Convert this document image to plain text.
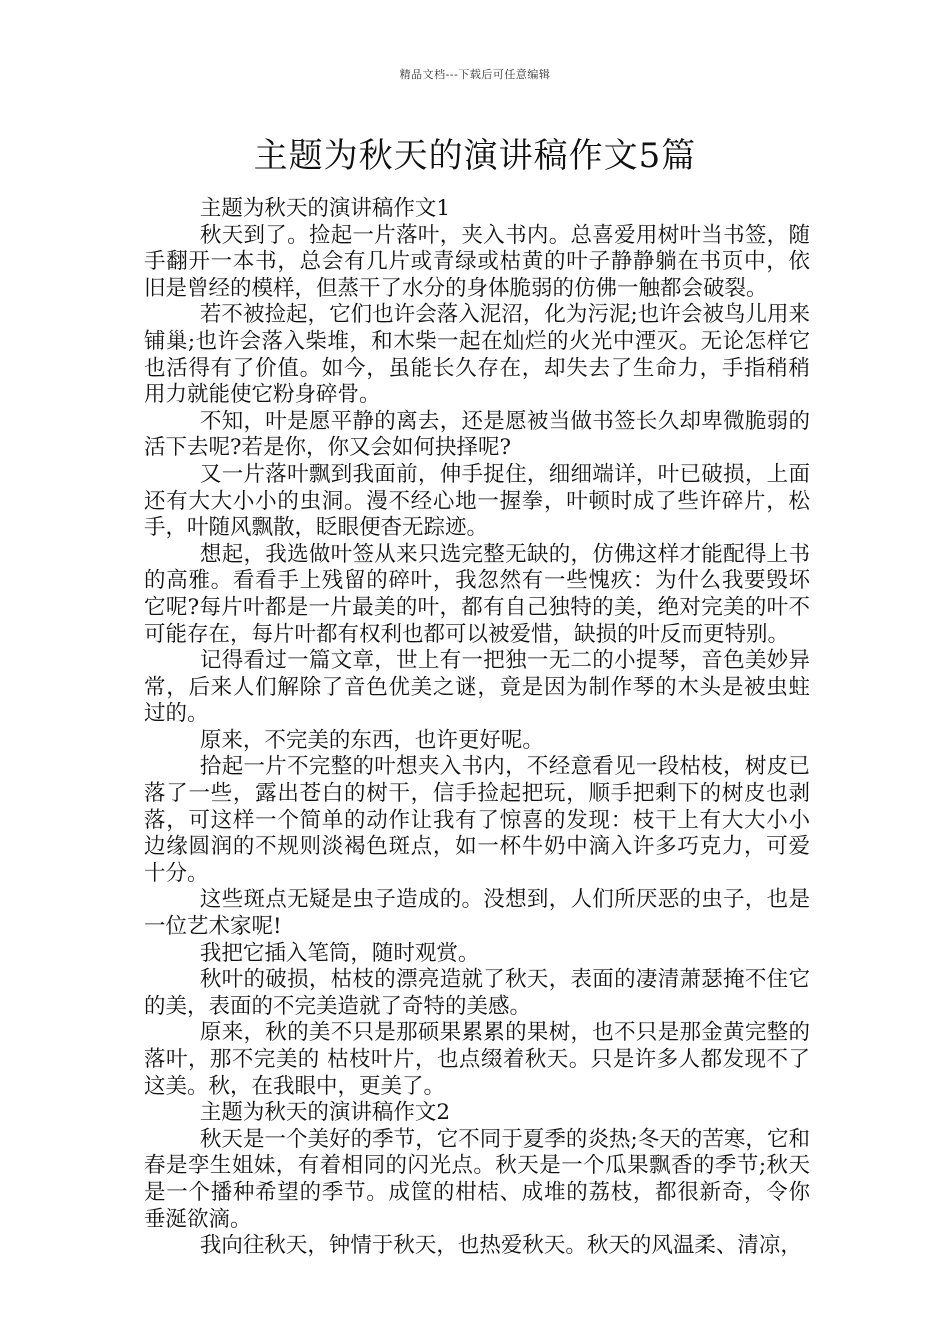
精品文档---下载后可任意编辑
主题为秋天的演讲稿作文5篇

主题为秋天的演讲稿作文1

秋天到了。捡起一片落叶，夹入书内。总喜爱用树叶当书签，随手翻开一本书，总会有几片或青绿或枯黄的叶子静静躺在书页中，依旧是曾经的模样，但蒸干了水分的身体脆弱的仿佛一触都会破裂。

若不被捡起，它们也许会落入泥沼，化为污泥;也许会被鸟儿用来铺巢;也许会落入柴堆，和木柴一起在灿烂的火光中湮灭。无论怎样它也活得有了价值。如今，虽能长久存在，却失去了生命力，手指稍稍用力就能使它粉身碎骨。

不知，叶是愿平静的离去，还是愿被当做书签长久却卑微脆弱的活下去呢?若是你，你又会如何抉择呢?

又一片落叶飘到我面前，伸手捉住，细细端详，叶已破损，上面还有大大小小的虫洞。漫不经心地一握拳，叶顿时成了些许碎片，松手，叶随风飘散，眨眼便杳无踪迹。

想起，我选做叶签从来只选完整无缺的，仿佛这样才能配得上书的高雅。看看手上残留的碎叶，我忽然有一些愧疚：为什么我要毁坏它呢?每片叶都是一片最美的叶，都有自己独特的美，绝对完美的叶不可能存在，每片叶都有权利也都可以被爱惜，缺损的叶反而更特别。

记得看过一篇文章，世上有一把独一无二的小提琴，音色美妙异常，后来人们解除了音色优美之谜，竟是因为制作琴的木头是被虫蛀过的。

原来，不完美的东西，也许更好呢。

拾起一片不完整的叶想夹入书内，不经意看见一段枯枝，树皮已落了一些，露出苍白的树干，信手捡起把玩，顺手把剩下的树皮也剥落，可这样一个简单的动作让我有了惊喜的发现：枝干上有大大小小边缘圆润的不规则淡褐色斑点，如一杯牛奶中滴入许多巧克力，可爱十分。

这些斑点无疑是虫子造成的。没想到，人们所厌恶的虫子，也是一位艺术家呢!

我把它插入笔筒，随时观赏。

秋叶的破损，枯枝的漂亮造就了秋天，表面的凄清萧瑟掩不住它的美，表面的不完美造就了奇特的美感。

原来，秋的美不只是那硕果累累的果树，也不只是那金黄完整的落叶，那不完美的 枯枝叶片，也点缀着秋天。只是许多人都发现不了这美。秋，在我眼中，更美了。

主题为秋天的演讲稿作文2

秋天是一个美好的季节，它不同于夏季的炎热;冬天的苦寒，它和春是孪生姐妹，有着相同的闪光点。秋天是一个瓜果飘香的季节;秋天是一个播种希望的季节。成筐的柑桔、成堆的荔枝，都很新奇，令你垂涎欲滴。

我向往秋天，钟情于秋天，也热爱秋天。秋天的风温柔、清凉，
